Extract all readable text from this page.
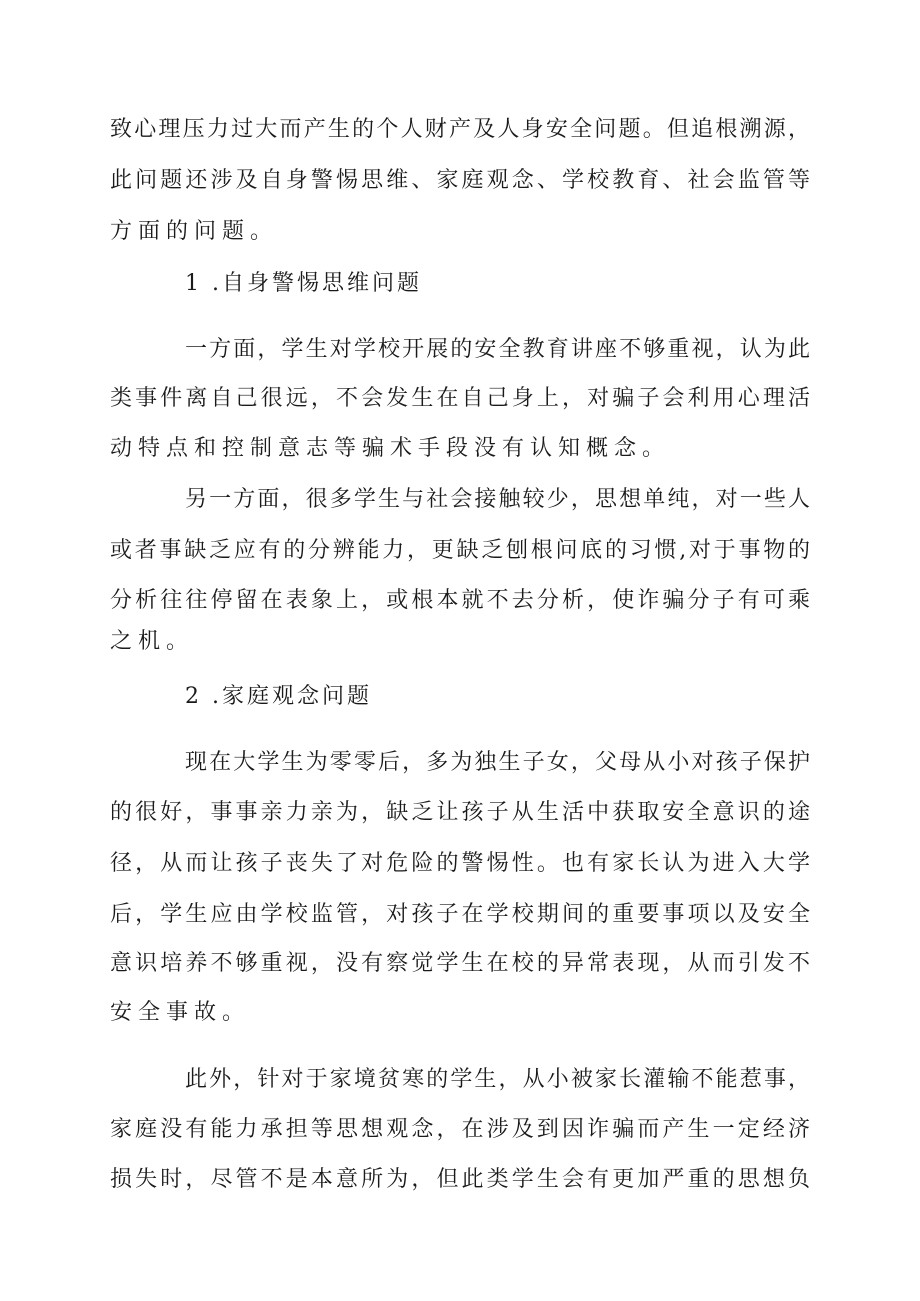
致心理压力过大而产生的个人财产及人身安全问题。但追根溯源，
此问题还涉及自身警惕思维、家庭观念、学校教育、社会监管等
方面的问题。
1 .自身警惕思维问题
一方面，学生对学校开展的安全教育讲座不够重视，认为此
类事件离自己很远，不会发生在自己身上，对骗子会利用心理活
动特点和控制意志等骗术手段没有认知概念。
另一方面，很多学生与社会接触较少，思想单纯，对一些人
或者事缺乏应有的分辨能力，更缺乏刨根问底的习惯,对于事物的
分析往往停留在表象上，或根本就不去分析，使诈骗分子有可乘
之机。
2 .家庭观念问题
现在大学生为零零后，多为独生子女，父母从小对孩子保护
的很好，事事亲力亲为，缺乏让孩子从生活中获取安全意识的途
径，从而让孩子丧失了对危险的警惕性。也有家长认为进入大学
后，学生应由学校监管，对孩子在学校期间的重要事项以及安全
意识培养不够重视，没有察觉学生在校的异常表现，从而引发不
安全事故。
此外，针对于家境贫寒的学生，从小被家长灌输不能惹事，
家庭没有能力承担等思想观念，在涉及到因诈骗而产生一定经济
损失时，尽管不是本意所为，但此类学生会有更加严重的思想负
